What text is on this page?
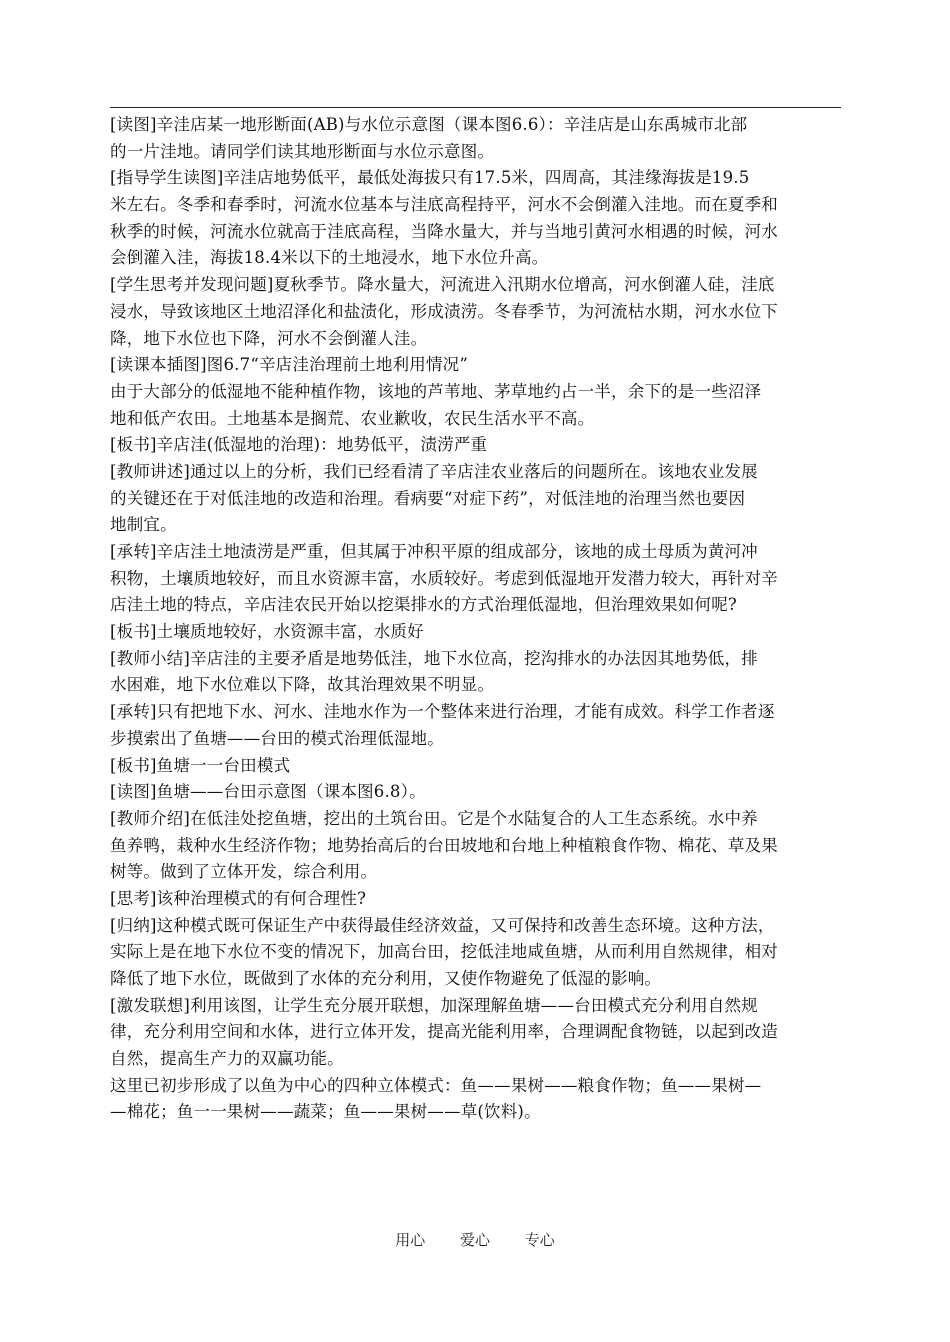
[读图]辛洼店某一地形断面(AB)与水位示意图（课本图6.6）：辛洼店是山东禹城市北部
的一片洼地。请同学们读其地形断面与水位示意图。
[指导学生读图]辛洼店地势低平，最低处海拔只有17.5米，四周高，其洼缘海拔是19.5
米左右。冬季和春季时，河流水位基本与洼底高程持平，河水不会倒灌入洼地。而在夏季和
秋季的时候，河流水位就高于洼底高程，当降水量大，并与当地引黄河水相遇的时候，河水
会倒灌入洼，海拔18.4米以下的土地浸水，地下水位升高。
[学生思考并发现问题]夏秋季节。降水量大，河流进入汛期水位增高，河水倒灌人硅，洼底
浸水，导致该地区土地沼泽化和盐渍化，形成渍涝。冬春季节，为河流枯水期，河水水位下
降，地下水位也下降，河水不会倒灌人洼。
[读课本插图]图6.7“辛店洼治理前土地利用情况”
由于大部分的低湿地不能种植作物，该地的芦苇地、茅草地约占一半，余下的是一些沼泽
地和低产农田。土地基本是搁荒、农业歉收，农民生活水平不高。
[板书]辛店洼(低湿地的治理)：地势低平，渍涝严重
[教师讲述]通过以上的分析，我们已经看清了辛店洼农业落后的问题所在。该地农业发展
的关键还在于对低洼地的改造和治理。看病要“对症下药”，对低洼地的治理当然也要因
地制宜。
[承转]辛店洼土地渍涝是严重，但其属于冲积平原的组成部分，该地的成土母质为黄河冲
积物，土壤质地较好，而且水资源丰富，水质较好。考虑到低湿地开发潜力较大，再针对辛
店洼土地的特点，辛店洼农民开始以挖渠排水的方式治理低湿地，但治理效果如何呢?
[板书]土壤质地较好，水资源丰富，水质好
[教师小结]辛店洼的主要矛盾是地势低洼，地下水位高，挖沟排水的办法因其地势低，排
水困难，地下水位难以下降，故其治理效果不明显。
[承转]只有把地下水、河水、洼地水作为一个整体来进行治理，才能有成效。科学工作者逐
步摸索出了鱼塘——台田的模式治理低湿地。
[板书]鱼塘一一台田模式
[读图]鱼塘——台田示意图（课本图6.8）。
[教师介绍]在低洼处挖鱼塘，挖出的土筑台田。它是个水陆复合的人工生态系统。水中养
鱼养鸭，栽种水生经济作物；地势抬高后的台田坡地和台地上种植粮食作物、棉花、草及果
树等。做到了立体开发，综合利用。
[思考]该种治理模式的有何合理性?
[归纳]这种模式既可保证生产中获得最佳经济效益，又可保持和改善生态环境。这种方法，
实际上是在地下水位不变的情况下，加高台田，挖低洼地咸鱼塘，从而利用自然规律，相对
降低了地下水位，既做到了水体的充分利用，又使作物避免了低湿的影响。
[激发联想]利用该图，让学生充分展开联想，加深理解鱼塘——台田模式充分利用自然规
律，充分利用空间和水体，进行立体开发，提高光能利用率，合理调配食物链，以起到改造
自然，提高生产力的双赢功能。
这里已初步形成了以鱼为中心的四种立体模式：鱼——果树——粮食作物；鱼——果树—
—棉花；鱼一一果树——蔬菜；鱼——果树——草(饮料)。
用心 爱心 专心
